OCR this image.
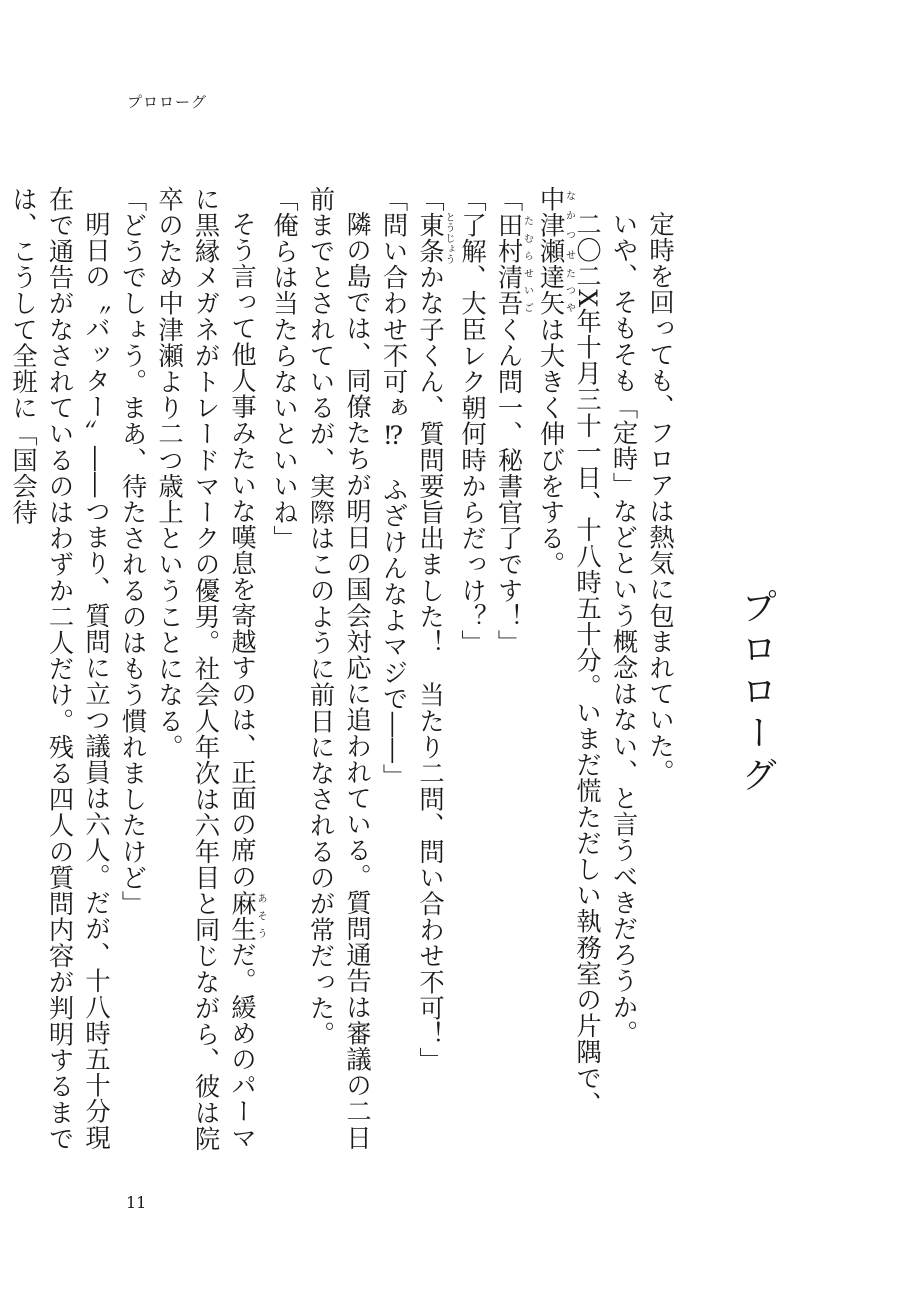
プロローグ
プロローグ

定時を回っても、フロアは熱気に包まれていた。

いや、そもそも「定時」などという概念はない、と言うべきだろうか。

二〇二X年十月三十一日、十八時五十分。いまだ慌ただしい執務室の片隅で、中津瀬なかつせ達矢たつやは大きく伸びをする。

「田村清吾たむらせいごくん問一、秘書官了です！」

「了解、大臣レク朝何時からだっけ？」

「東条とうじょうかな子くん、質問要旨出ました！　当たり二問、問い合わせ不可！」

「問い合わせ不可ぁ⁉　ふざけんなよマジで――」

隣の島では、同僚たちが明日の国会対応に追われている。質問通告は審議の二日前までとされているが、実際はこのように前日になされるのが常だった。

「俺らは当たらないといいね」

そう言って他人事みたいな嘆息を寄越すのは、正面の席の麻生あそうだ。緩めのパーマに黒縁メガネがトレードマークの優男。社会人年次は六年目と同じながら、彼は院卒のため中津瀬より二つ歳上ということになる。

「どうでしょう。まあ、待たされるのはもう慣れましたけど」

明日の〝バッター〟――つまり、質問に立つ議員は六人。だが、十八時五十分現在で通告がなされているのはわずか二人だけ。残る四人の質問内容が判明するまでは、こうして全班に「国会待

11
